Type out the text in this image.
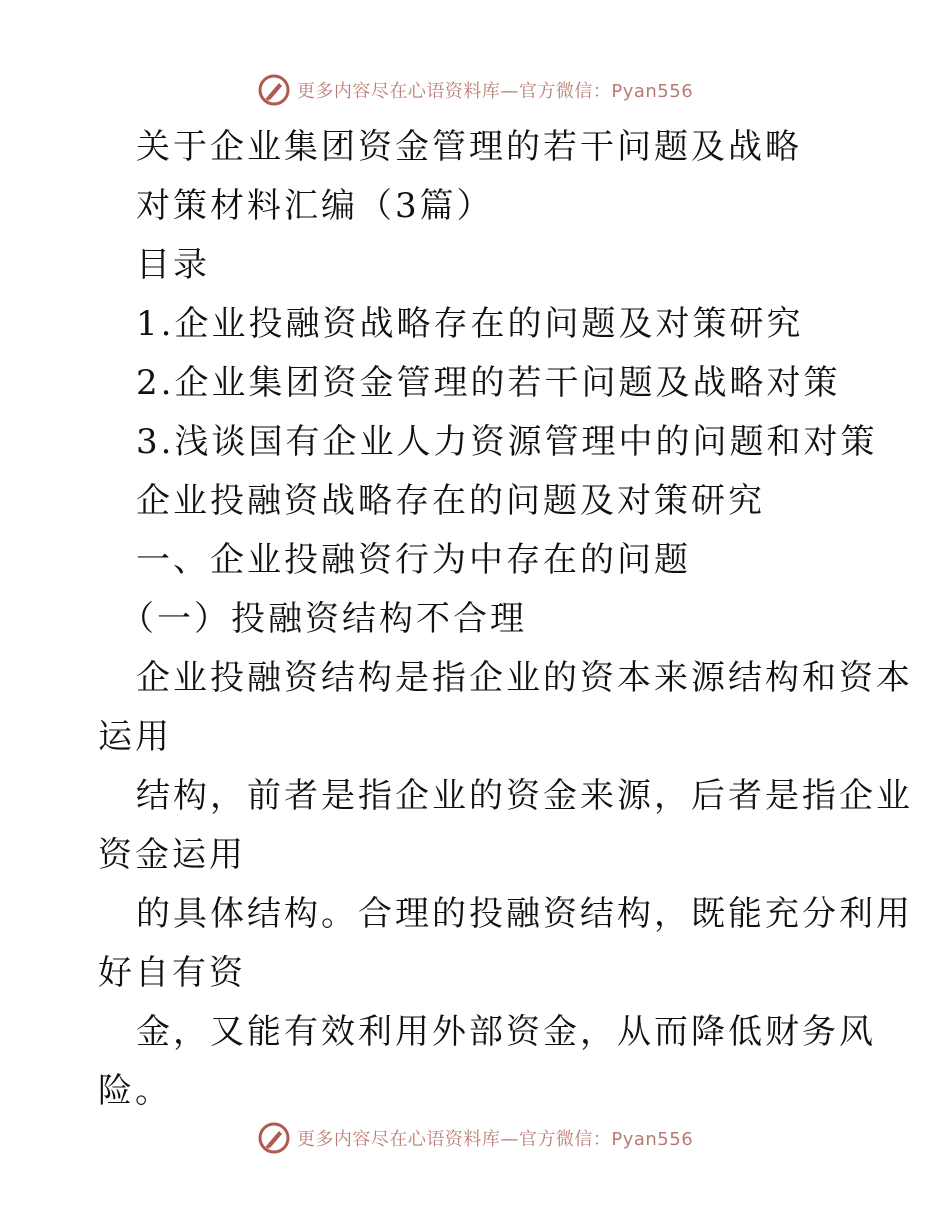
更多内容尽在心语资料库—官方微信：Pyan556
关于企业集团资金管理的若干问题及战略
对策材料汇编（3篇）
目录
1.企业投融资战略存在的问题及对策研究
2.企业集团资金管理的若干问题及战略对策
3.浅谈国有企业人力资源管理中的问题和对策
企业投融资战略存在的问题及对策研究
一、企业投融资行为中存在的问题
（一）投融资结构不合理
企业投融资结构是指企业的资本来源结构和资本
运用
结构，前者是指企业的资金来源，后者是指企业
资金运用
的具体结构。合理的投融资结构，既能充分利用
好自有资
金，又能有效利用外部资金，从而降低财务风
险。
更多内容尽在心语资料库—官方微信：Pyan556
